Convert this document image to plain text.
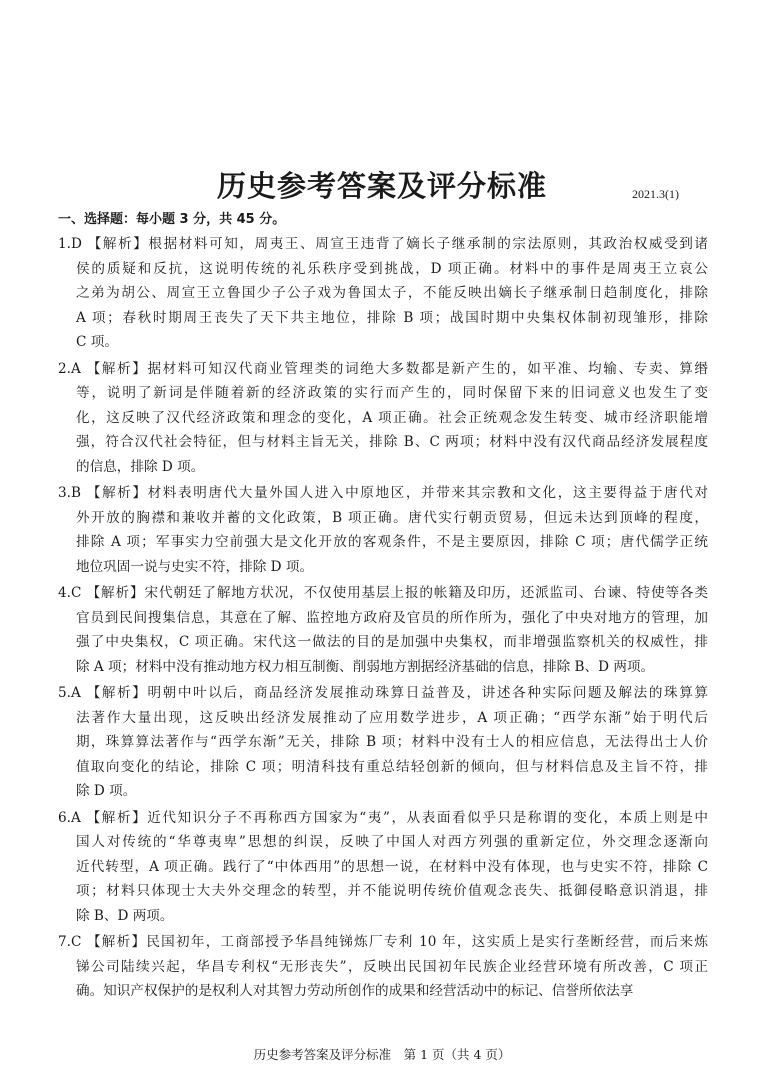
历史参考答案及评分标准	2021.3(1)
一、选择题：每小题 3 分，共 45 分。
1.D 【解析】根据材料可知，周夷王、周宣王违背了嫡长子继承制的宗法原则，其政治权威受到诸
侯的质疑和反抗，这说明传统的礼乐秩序受到挑战，D 项正确。材料中的事件是周夷王立哀公
之弟为胡公、周宣王立鲁国少子公子戏为鲁国太子，不能反映出嫡长子继承制日趋制度化，排除
A 项；春秋时期周王丧失了天下共主地位，排除 B 项；战国时期中央集权体制初现雏形，排除
C 项。
2.A 【解析】据材料可知汉代商业管理类的词绝大多数都是新产生的，如平准、均输、专卖、算缗
等，说明了新词是伴随着新的经济政策的实行而产生的，同时保留下来的旧词意义也发生了变
化，这反映了汉代经济政策和理念的变化，A 项正确。社会正统观念发生转变、城市经济职能增
强，符合汉代社会特征，但与材料主旨无关，排除 B、C 两项；材料中没有汉代商品经济发展程度
的信息，排除 D 项。
3.B 【解析】材料表明唐代大量外国人进入中原地区，并带来其宗教和文化，这主要得益于唐代对
外开放的胸襟和兼收并蓄的文化政策，B 项正确。唐代实行朝贡贸易，但远未达到顶峰的程度，
排除 A 项；军事实力空前强大是文化开放的客观条件，不是主要原因，排除 C 项；唐代儒学正统
地位巩固一说与史实不符，排除 D 项。
4.C 【解析】宋代朝廷了解地方状况，不仅使用基层上报的帐籍及印历，还派监司、台谏、特使等各类
官员到民间搜集信息，其意在了解、监控地方政府及官员的所作所为，强化了中央对地方的管理，加
强了中央集权，C 项正确。宋代这一做法的目的是加强中央集权，而非增强监察机关的权威性，排
除 A 项；材料中没有推动地方权力相互制衡、削弱地方割据经济基础的信息，排除 B、D 两项。
5.A 【解析】明朝中叶以后，商品经济发展推动珠算日益普及，讲述各种实际问题及解法的珠算算
法著作大量出现，这反映出经济发展推动了应用数学进步，A 项正确；“西学东渐”始于明代后
期，珠算算法著作与“西学东渐”无关，排除 B 项；材料中没有士人的相应信息，无法得出士人价
值取向变化的结论，排除 C 项；明清科技有重总结轻创新的倾向，但与材料信息及主旨不符，排
除 D 项。
6.A 【解析】近代知识分子不再称西方国家为“夷”，从表面看似乎只是称谓的变化，本质上则是中
国人对传统的“华尊夷卑”思想的纠误，反映了中国人对西方列强的重新定位，外交理念逐渐向
近代转型，A 项正确。践行了“中体西用”的思想一说，在材料中没有体现，也与史实不符，排除 C
项；材料只体现士大夫外交理念的转型，并不能说明传统价值观念丧失、抵御侵略意识消退，排
除 B、D 两项。
7.C 【解析】民国初年，工商部授予华昌纯锑炼厂专利 10 年，这实质上是实行垄断经营，而后来炼
锑公司陆续兴起，华昌专利权“无形丧失”，反映出民国初年民族企业经营环境有所改善，C 项正
确。知识产权保护的是权利人对其智力劳动所创作的成果和经营活动中的标记、信誉所依法享
历史参考答案及评分标准　第 1 页（共 4 页）
